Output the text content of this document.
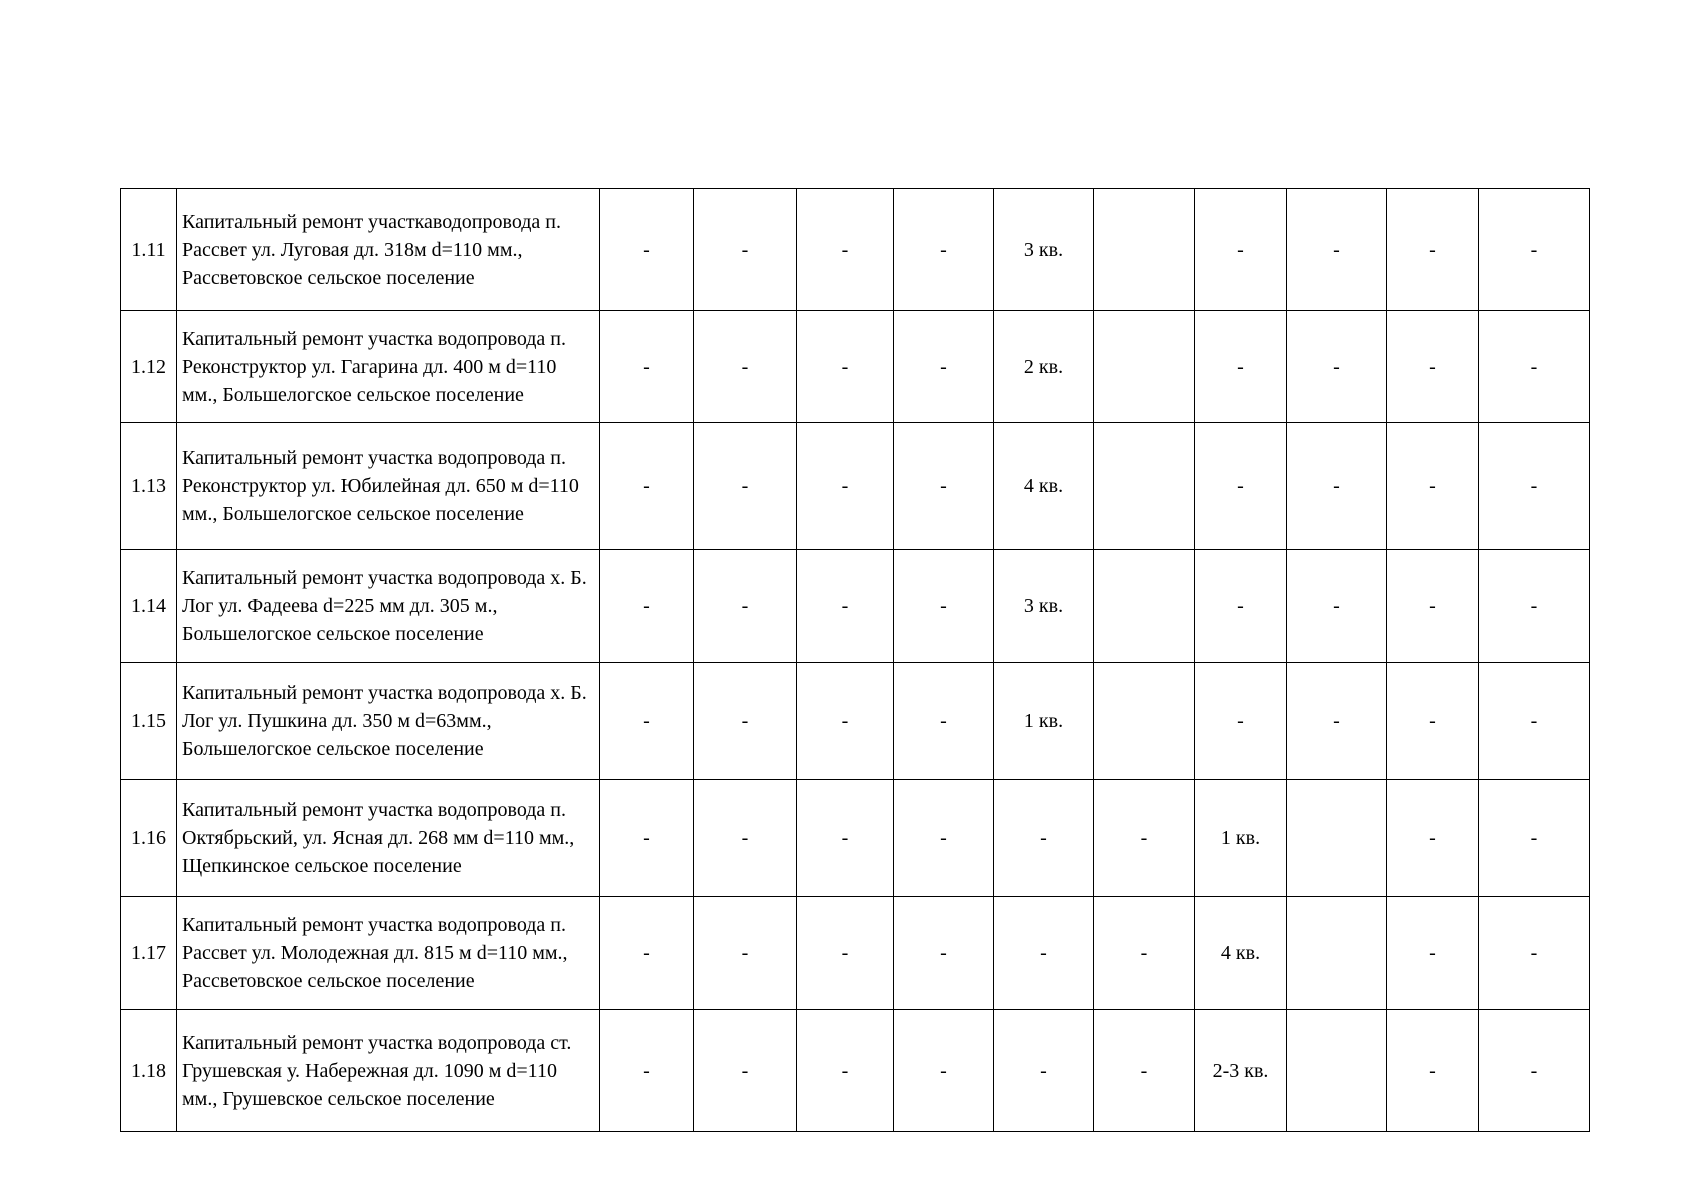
1.11	Капитальный ремонт участкаводопровода п. Рассвет ул. Луговая дл. 318м d=110 мм., Рассветовское сельское поселение	-	-	-	-	3 кв.		-	-	-	-
1.12	Капитальный ремонт участка водопровода п. Реконструктор ул. Гагарина дл. 400 м d=110 мм., Большелогское сельское поселение	-	-	-	-	2 кв.		-	-	-	-
1.13	Капитальный ремонт участка водопровода п. Реконструктор ул. Юбилейная дл. 650 м d=110 мм., Большелогское сельское поселение	-	-	-	-	4 кв.		-	-	-	-
1.14	Капитальный ремонт участка водопровода х. Б. Лог ул. Фадеева d=225 мм дл. 305 м., Большелогское сельское поселение	-	-	-	-	3 кв.		-	-	-	-
1.15	Капитальный ремонт участка водопровода х. Б. Лог ул. Пушкина дл. 350 м d=63мм., Большелогское сельское поселение	-	-	-	-	1 кв.		-	-	-	-
1.16	Капитальный ремонт участка водопровода п. Октябрьский, ул. Ясная дл. 268 мм d=110 мм., Щепкинское сельское поселение	-	-	-	-	-	-	1 кв.		-	-
1.17	Капитальный ремонт участка водопровода п. Рассвет ул. Молодежная дл. 815 м d=110 мм., Рассветовское сельское поселение	-	-	-	-	-	-	4 кв.		-	-
1.18	Капитальный ремонт участка водопровода ст. Грушевская у. Набережная дл. 1090 м d=110 мм., Грушевское сельское поселение	-	-	-	-	-	-	2-3 кв.		-	-
